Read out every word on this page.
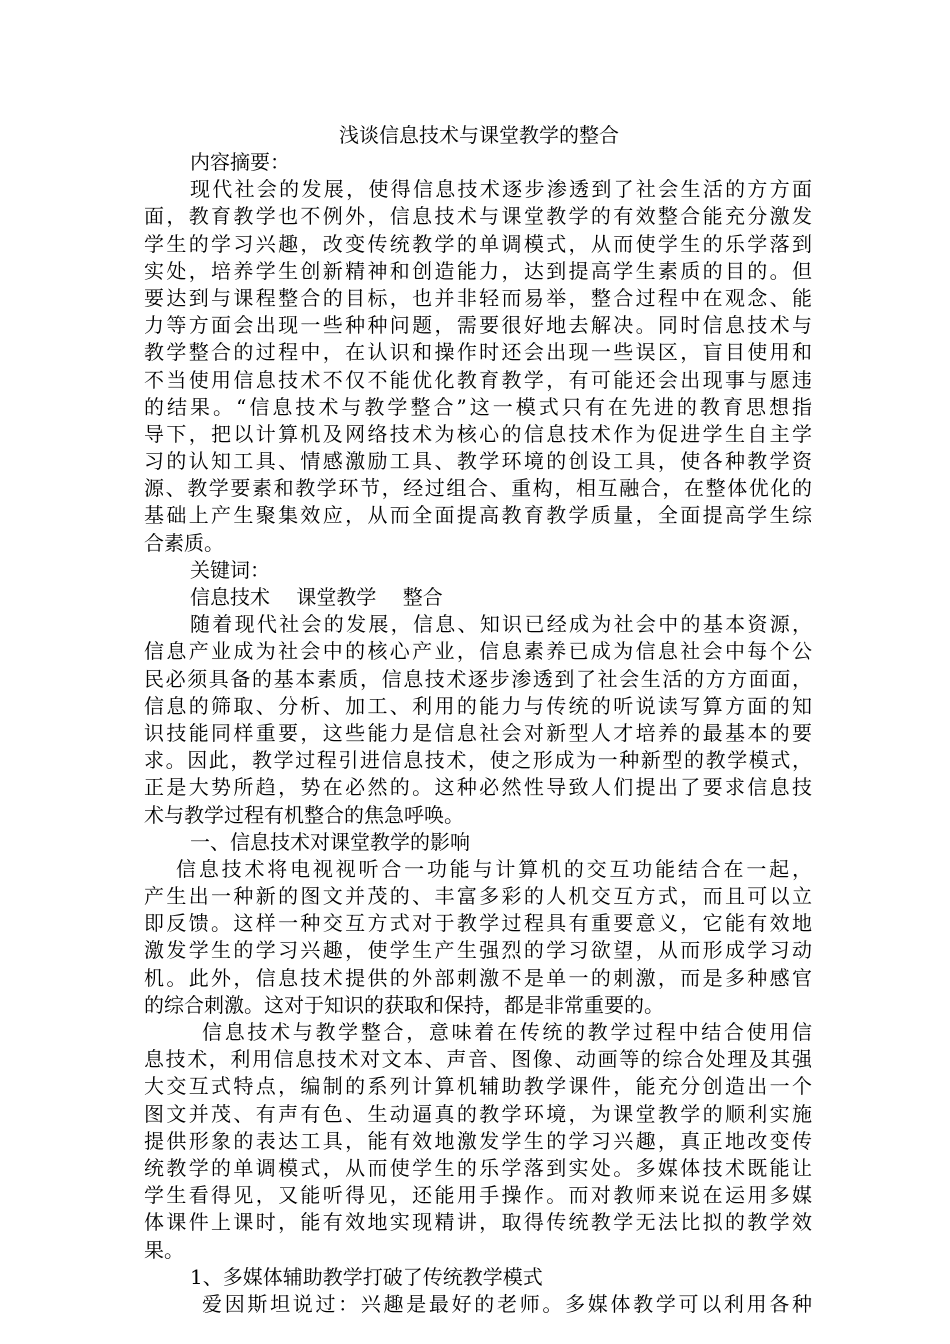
浅谈信息技术与课堂教学的整合
内容摘要：
现代社会的发展，使得信息技术逐步渗透到了社会生活的方方面
面，教育教学也不例外，信息技术与课堂教学的有效整合能充分激发
学生的学习兴趣，改变传统教学的单调模式，从而使学生的乐学落到
实处，培养学生创新精神和创造能力，达到提高学生素质的目的。但
要达到与课程整合的目标，也并非轻而易举，整合过程中在观念、能
力等方面会出现一些种种问题，需要很好地去解决。同时信息技术与
教学整合的过程中，在认识和操作时还会出现一些误区，盲目使用和
不当使用信息技术不仅不能优化教育教学，有可能还会出现事与愿违
的结果。“信息技术与教学整合”这一模式只有在先进的教育思想指
导下，把以计算机及网络技术为核心的信息技术作为促进学生自主学
习的认知工具、情感激励工具、教学环境的创设工具，使各种教学资
源、教学要素和教学环节，经过组合、重构，相互融合，在整体优化的
基础上产生聚集效应，从而全面提高教育教学质量，全面提高学生综
合素质。
关键词：
信息技术　 课堂教学　 整合
随着现代社会的发展，信息、知识已经成为社会中的基本资源，
信息产业成为社会中的核心产业，信息素养已成为信息社会中每个公
民必须具备的基本素质，信息技术逐步渗透到了社会生活的方方面面，
信息的筛取、分析、加工、利用的能力与传统的听说读写算方面的知
识技能同样重要，这些能力是信息社会对新型人才培养的最基本的要
求。因此，教学过程引进信息技术，使之形成为一种新型的教学模式，
正是大势所趋，势在必然的。这种必然性导致人们提出了要求信息技
术与教学过程有机整合的焦急呼唤。
一、信息技术对课堂教学的影响
信息技术将电视视听合一功能与计算机的交互功能结合在一起，
产生出一种新的图文并茂的、丰富多彩的人机交互方式，而且可以立
即反馈。这样一种交互方式对于教学过程具有重要意义，它能有效地
激发学生的学习兴趣，使学生产生强烈的学习欲望，从而形成学习动
机。此外，信息技术提供的外部刺激不是单一的刺激，而是多种感官
的综合刺激。这对于知识的获取和保持，都是非常重要的。
信息技术与教学整合，意味着在传统的教学过程中结合使用信
息技术，利用信息技术对文本、声音、图像、动画等的综合处理及其强
大交互式特点，编制的系列计算机辅助教学课件，能充分创造出一个
图文并茂、有声有色、生动逼真的教学环境，为课堂教学的顺利实施
提供形象的表达工具，能有效地激发学生的学习兴趣，真正地改变传
统教学的单调模式，从而使学生的乐学落到实处。多媒体技术既能让
学生看得见，又能听得见，还能用手操作。而对教师来说在运用多媒
体课件上课时，能有效地实现精讲，取得传统教学无法比拟的教学效
果。
1、多媒体辅助教学打破了传统教学模式
爱因斯坦说过：兴趣是最好的老师。多媒体教学可以利用各种
